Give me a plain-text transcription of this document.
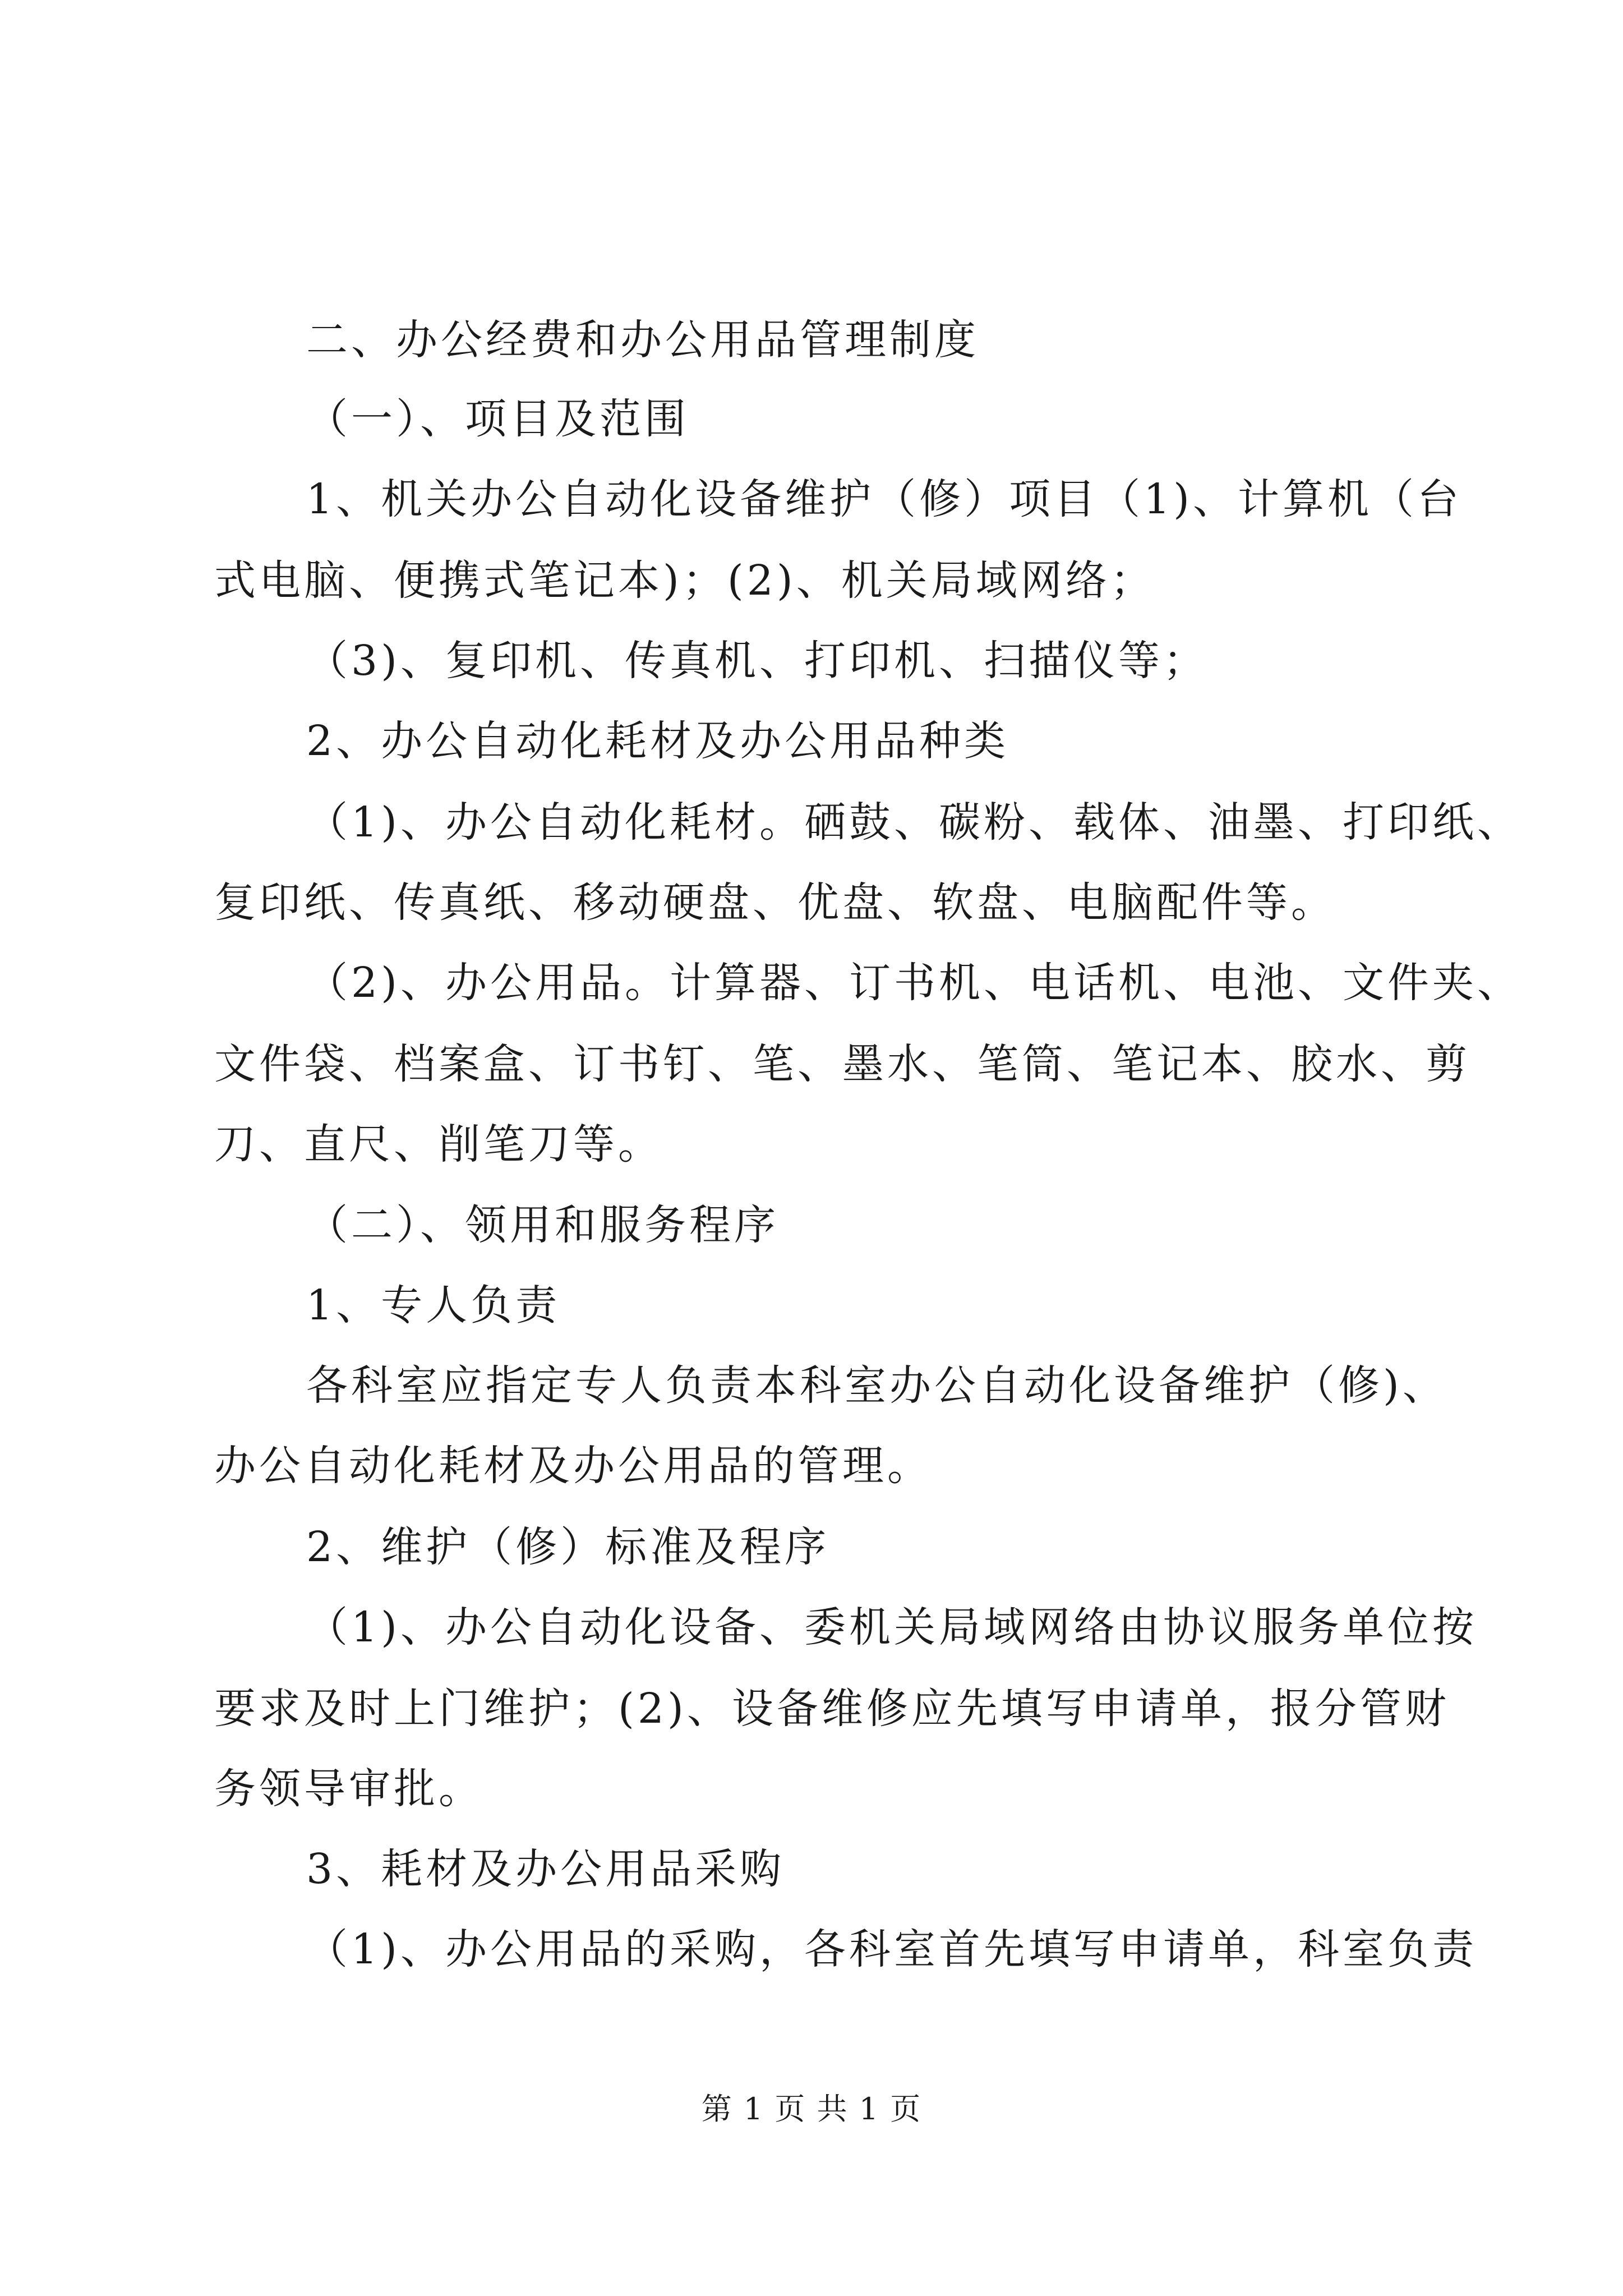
二、办公经费和办公用品管理制度
（一）、项目及范围
1、机关办公自动化设备维护（修）项目（1)、计算机（台
式电脑、便携式笔记本)；(2)、机关局域网络；
（3)、复印机、传真机、打印机、扫描仪等；
2、办公自动化耗材及办公用品种类
（1)、办公自动化耗材。硒鼓、碳粉、载体、油墨、打印纸、
复印纸、传真纸、移动硬盘、优盘、软盘、电脑配件等。
（2)、办公用品。计算器、订书机、电话机、电池、文件夹、
文件袋、档案盒、订书钉、笔、墨水、笔筒、笔记本、胶水、剪
刀、直尺、削笔刀等。
（二）、领用和服务程序
1、专人负责
各科室应指定专人负责本科室办公自动化设备维护（修)、
办公自动化耗材及办公用品的管理。
2、维护（修）标准及程序
（1)、办公自动化设备、委机关局域网络由协议服务单位按
要求及时上门维护；(2)、设备维修应先填写申请单，报分管财
务领导审批。
3、耗材及办公用品采购
（1)、办公用品的采购，各科室首先填写申请单，科室负责
第 1 页 共 1 页
